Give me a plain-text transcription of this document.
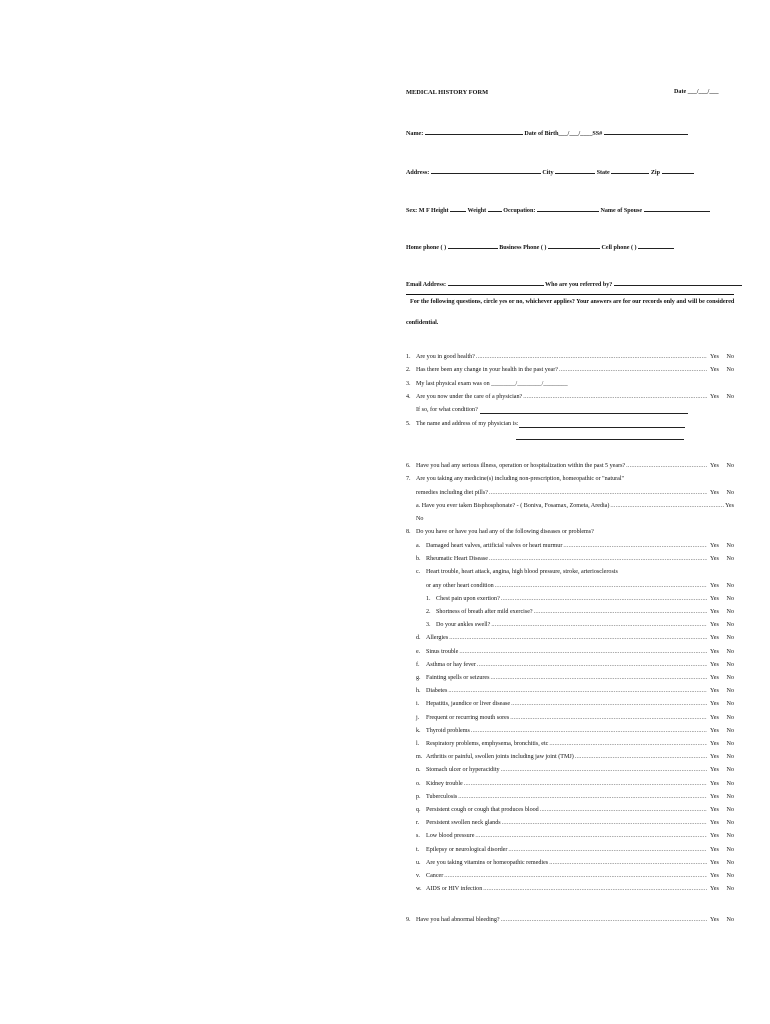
MEDICAL HISTORY FORM	Date ___/___/___
Name:	Date of Birth___/___/____SS#
Address:	City	State	Zip
Sex: M F Height	Weight	Occupation:	Name of Spouse
Home phone ( )	Business Phone ( )	Cell phone ( )
Email Address:	Who are you referred by?
For the following questions, circle yes or no, whichever applies? Your answers are for our records only and will be considered
confidential.
1. Are you in good health? .....	Yes No
2. Has there been any change in your health in the past year? .....	Yes No
3. My last physical exam was on ________/________/________
4. Are you now under the care of a physician? .....	Yes No
If so, for what condition?
5. The name and address of my physician is:
6. Have you had any serious illness, operation or hospitalization within the past 5 years? .....	Yes No
7. Are you taking any medicine(s) including non-prescription, homeopathic or "natural"
remedies including diet pills? .....	Yes No
a. Have you ever taken Bisphosphonate? - ( Boniva, Fosamax, Zometa, Aredia) .....	Yes
No
8. Do you have or have you had any of the following diseases or problems?
a. Damaged heart valves, artificial valves or heart murmur .....	Yes No
b. Rheumatic Heart Disease .....	Yes No
c. Heart trouble, heart attack, angina, high blood pressure, stroke, arteriosclerosis
or any other heart condition .....	Yes No
1. Chest pain upon exertion? .....	Yes No
2. Shortness of breath after mild exercise? .....	Yes No
3. Do your ankles swell? .....	Yes No
d. Allergies .....	Yes No
e. Sinus trouble .....	Yes No
f.	Asthma or hay fever .....	Yes No
g. Fainting spells or seizures .....	Yes No
h. Diabetes .....	Yes No
i.	Hepatitis, jaundice or liver disease .....	Yes No
j.	Frequent or recurring mouth sores .....	Yes No
k. Thyroid problems .....	Yes No
l.	Respiratory problems, emphysema, bronchitis, etc .....	Yes No
m. Arthritis or painful, swollen joints including jaw joint (TMJ) .....	Yes No
n. Stomach ulcer or hyperacidity .....	Yes No
o. Kidney trouble .....	Yes No
p. Tuberculosis .....	Yes No
q. Persistent cough or cough that produces blood .....	Yes No
r.	Persistent swollen neck glands .....	Yes No
s. Low blood pressure .....	Yes No
t.	Epilepsy or neurological disorder .....	Yes No
u. Are you taking vitamins or homeopathic remedies .....	Yes No
v. Cancer .....	Yes No
w. AIDS or HIV infection .....	Yes No
9. Have you had abnormal bleeding? .....	Yes No
